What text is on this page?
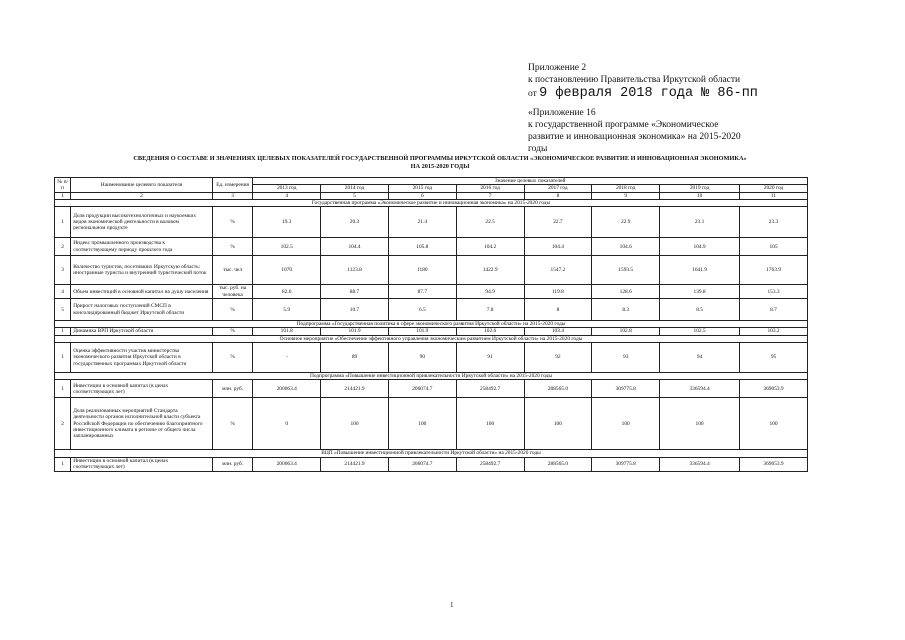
Приложение 2
к постановлению Правительства Иркутской области
от 9 февраля 2018 года № 86-пп
«Приложение 16
к государственной программе «Экономическое
развитие и инновационная экономика» на 2015-2020
годы
СВЕДЕНИЯ О СОСТАВЕ И ЗНАЧЕНИЯХ ЦЕЛЕВЫХ ПОКАЗАТЕЛЕЙ ГОСУДАРСТВЕННОЙ ПРОГРАММЫ ИРКУТСКОЙ ОБЛАСТИ «ЭКОНОМИЧЕСКОЕ РАЗВИТИЕ И ИННОВАЦИОННАЯ ЭКОНОМИКА»
НА 2015-2020 ГОДЫ
№ п/п	Наименование целевого показателя	Ед. измерения	Значение целевых показателей							
			2013 год	2014 год	2015 год	2016 год	2017 год	2018 год	2019 год	2020 год
1	2	3	4	5	6	7	8	9	10	11
Государственная программа «Экономическое развитие и инновационная экономика» на 2015-2020 годы										
1	Доля продукции высокотехнологичных и наукоемких видов экономической деятельности в валовом региональном продукте	%	19.3	20.3	21.4	22.5	22.7	22.9	23.1	23.3
2	Индекс промышленного производства к соответствующему периоду прошлого года	%	102.5	104.4	105.8	104.2	104.4	104.6	104.9	105
3	Количество туристов, посетивших Иркутскую область: иностранные туристы и внутренний туристический поток	тыс. чел	1070	1123.8	1180	1422.9	1547.2	1593.5	1641.9	1763.9
4	Объем инвестиций в основной капитал на душу населения	тыс. руб. на человека	82.6	88.7	87.7	94.9	119.8	128.6	139.8	153.3
5	Прирост налоговых поступлений СМСП в консолидированный бюджет Иркутской области	%	5.9	10.7	6.5	7.8	8	8.3	8.5	8.7
Подпрограмма «Государственная политика в сфере экономического развития Иркутской области» на 2015-2020 годы										
1	Динамика ВРП Иркутской области	%	101.8	101.9	101.9	102.6	103.4	102.8	102.5	103.2
Основное мероприятие «Обеспечение эффективного управления экономическим развитием Иркутской области» на 2015-2020 годы										
1	Оценка эффективности участия министерства экономического развития Иркутской области в государственных программах Иркутской области	%	-	89	90	91	92	93	94	95
Подпрограмма «Повышение инвестиционной привлекательности Иркутской области» на 2015-2020 годы										
1	Инвестиции в основной капитал (в ценах соответствующих лет)	млн. руб.	200063.4	214421.9	206074.7	258492.7	288565.0	309775.8	336594.4	369053.9
2	Доля реализованных мероприятий Стандарта деятельности органов исполнительной власти субъекта Российской Федерации по обеспечению благоприятного инвестиционного климата в регионе от общего числа запланированных	%	0	100	100	100	100	100	100	100
ВЦП «Повышение инвестиционной привлекательности Иркутской области» на 2015-2020 годы										
1	Инвестиции в основной капитал (в ценах соответствующих лет)	млн. руб.	200063.4	214421.9	206074.7	258492.7	288565.0	309775.8	336594.4	369053.9
1
